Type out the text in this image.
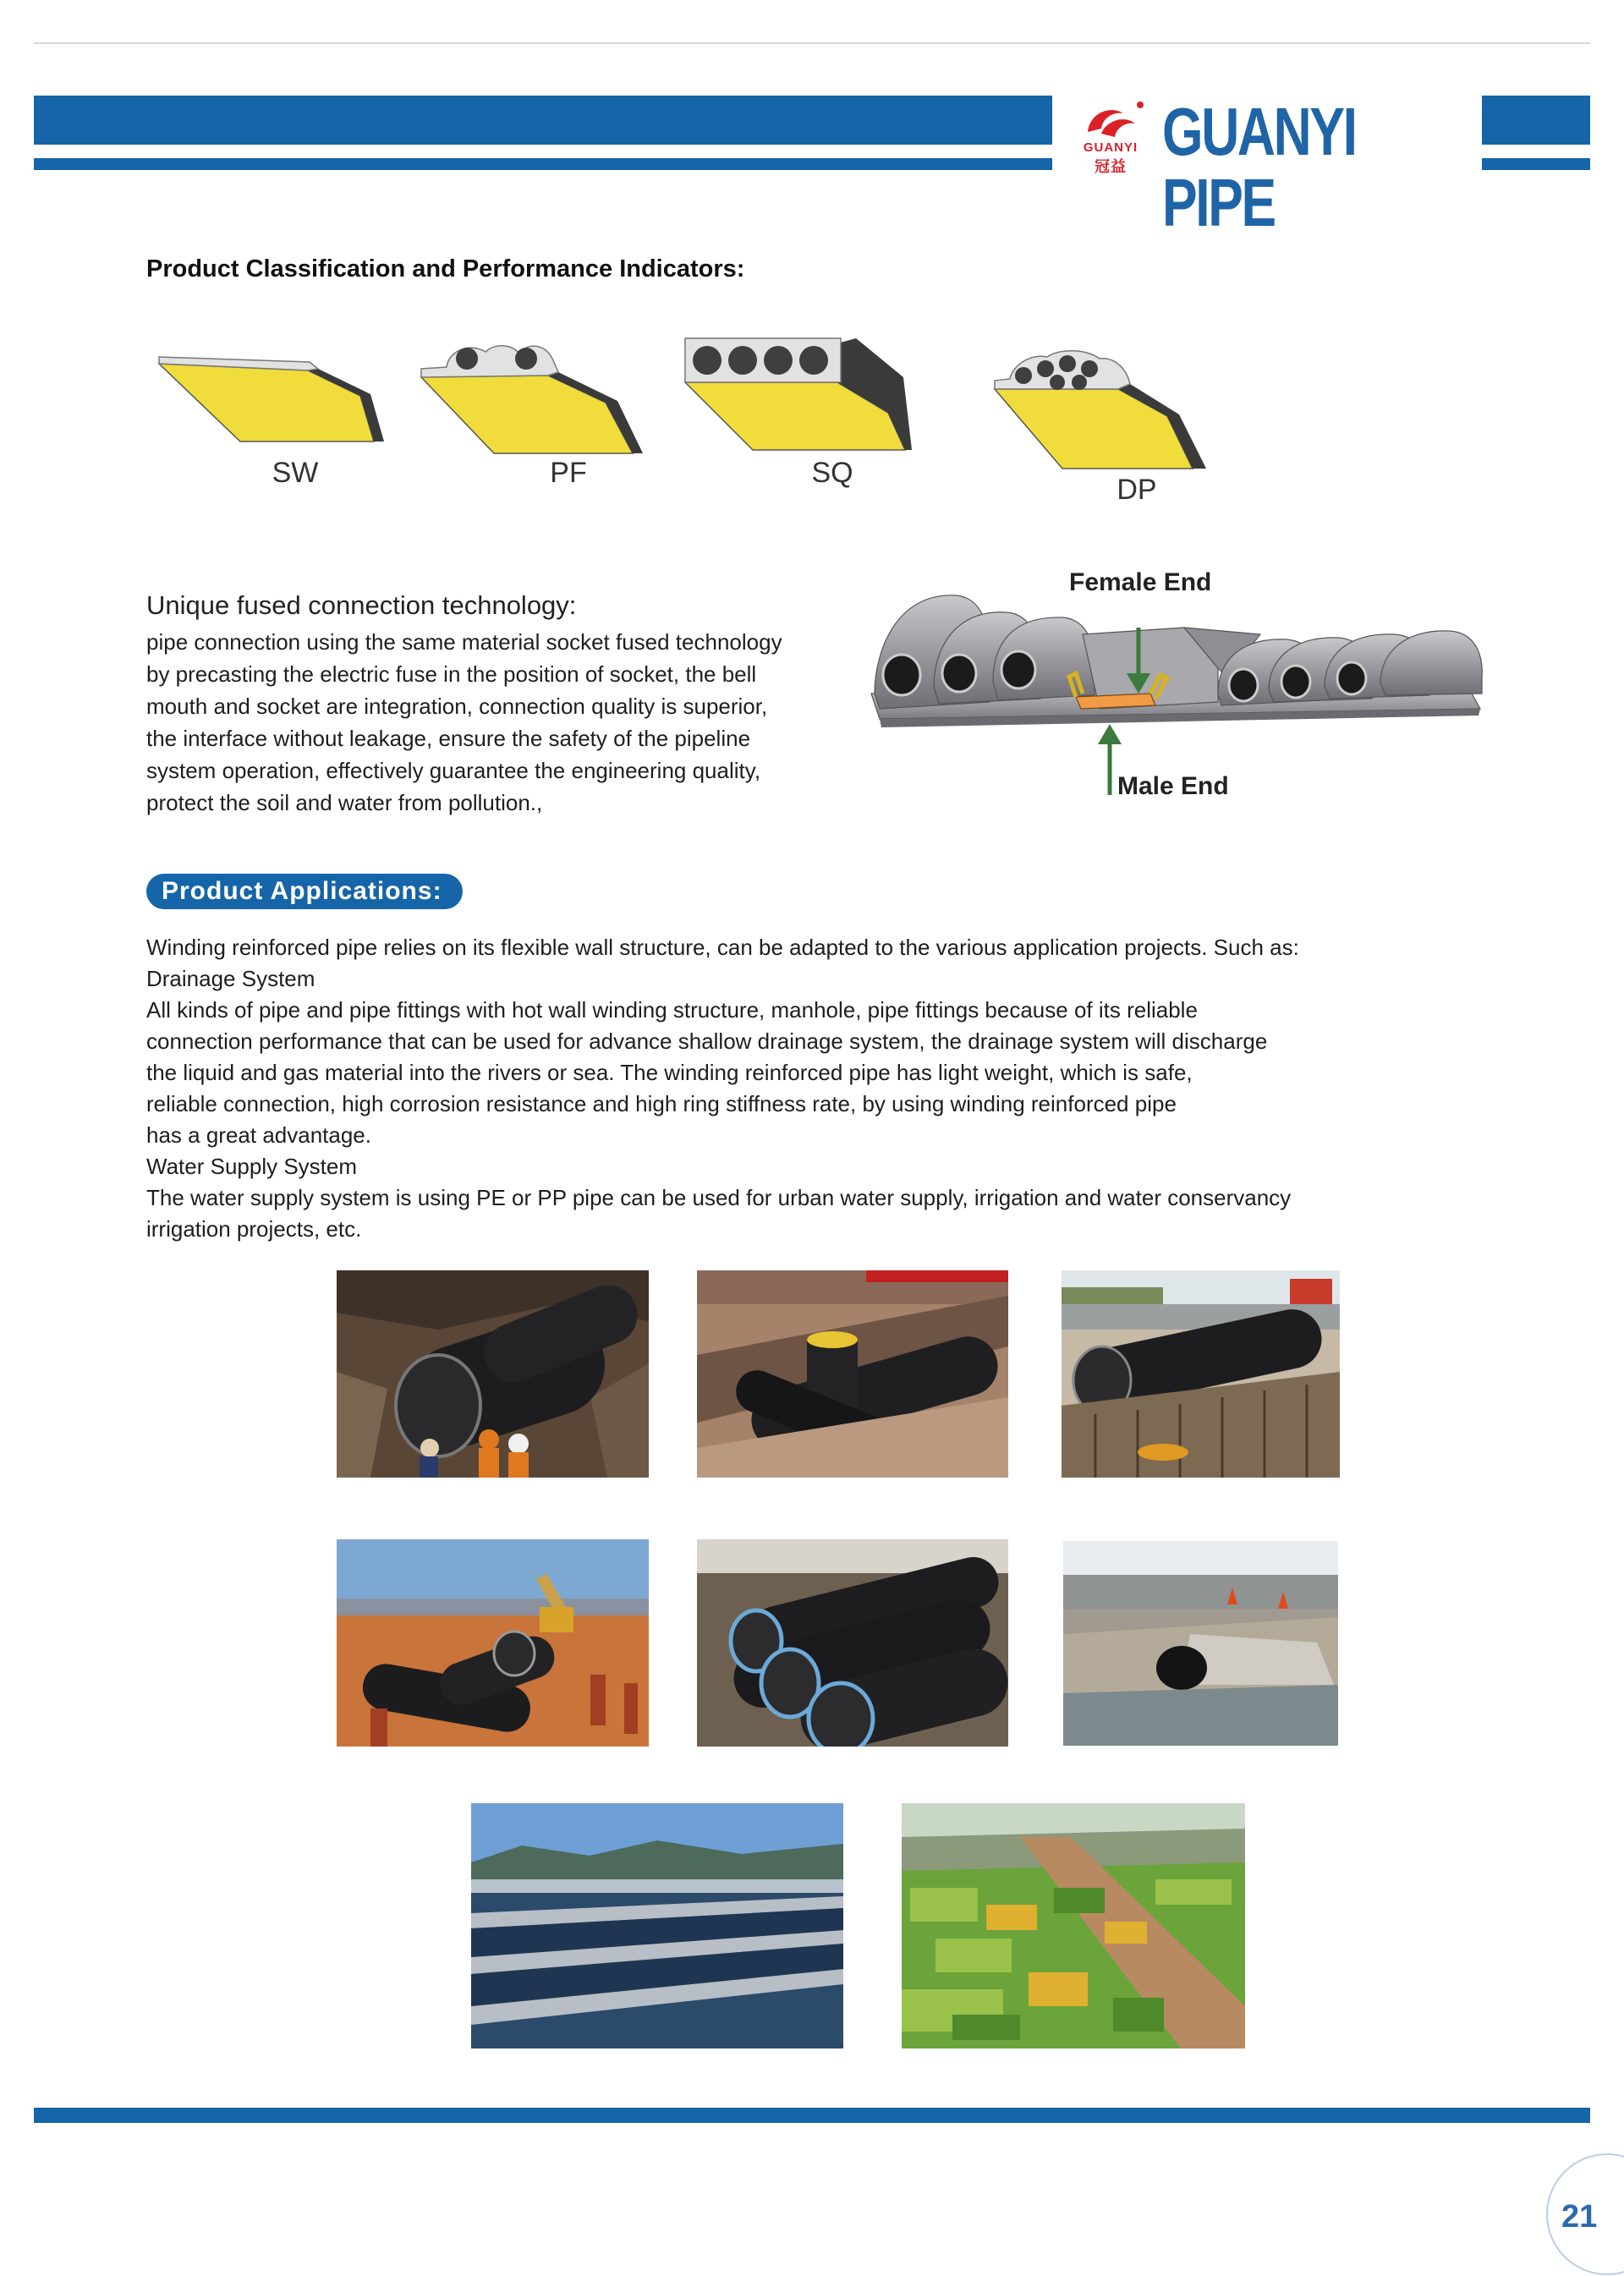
GUANYI
冠益 GUANYI PIPE
Product Classification and Performance Indicators:
SW	PF	SQ
DP
Unique fused connection technology:

pipe connection using the same material socket fused technology

by precasting the electric fuse in the position of socket, the bell

mouth and socket are integration, connection quality is superior,

the interface without leakage, ensure the safety of the pipeline

system operation, effectively guarantee the engineering quality,

protect the soil and water from pollution.,

Female End
Male End
Product Applications:

Winding reinforced pipe relies on its flexible wall structure, can be adapted to the various application projects. Such as:

Drainage System

All kinds of pipe and pipe fittings with hot wall winding structure, manhole, pipe fittings because of its reliable

connection performance that can be used for advance shallow drainage system, the drainage system will discharge

the liquid and gas material into the rivers or sea. The winding reinforced pipe has light weight, which is safe,

reliable connection, high corrosion resistance and high ring stiffness rate, by using winding reinforced pipe

has a great advantage.

Water Supply System

The water supply system is using PE or PP pipe can be used for urban water supply, irrigation and water conservancy

irrigation projects, etc.

21
